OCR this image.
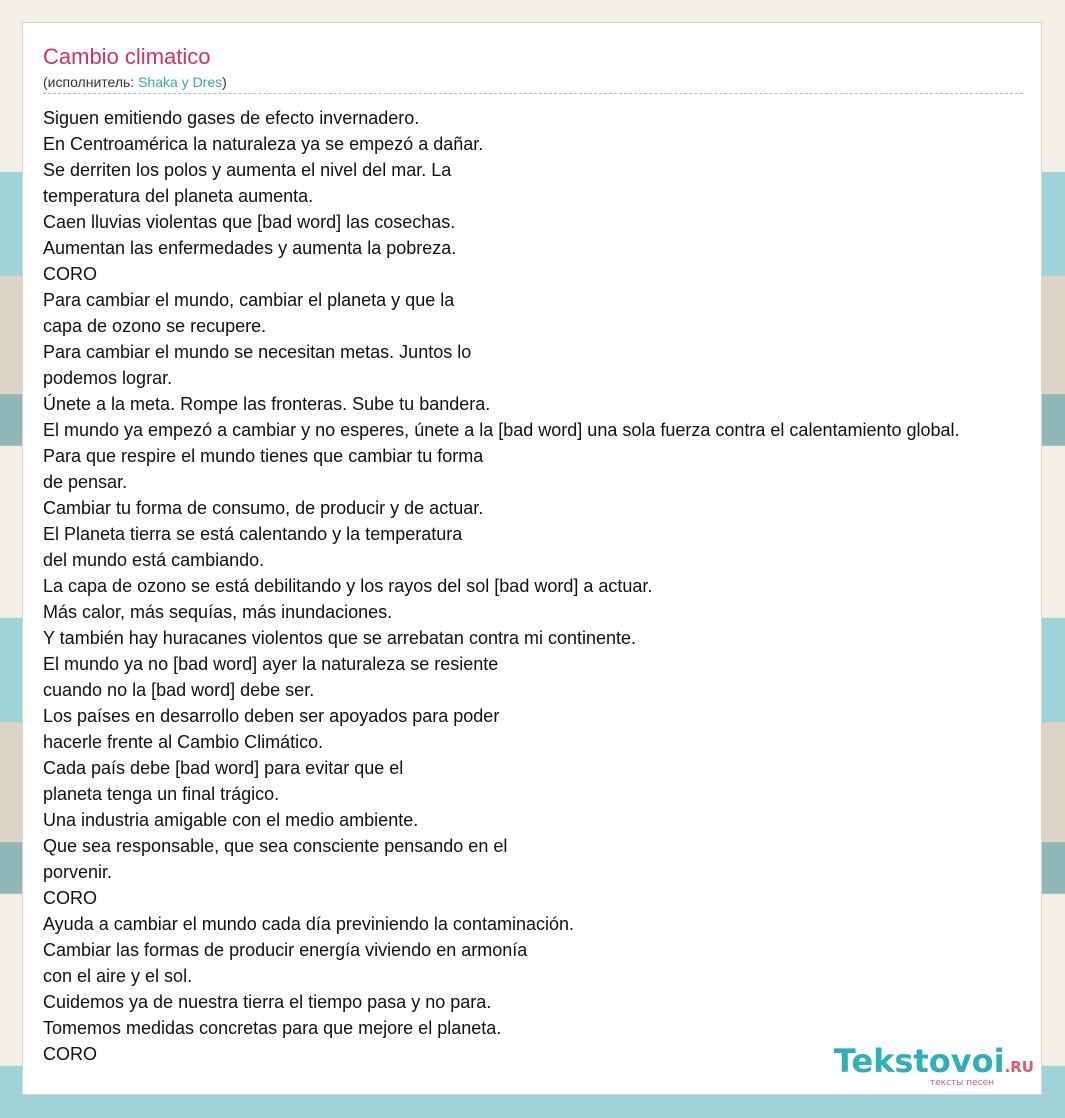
Cambio climatico
(исполнитель: Shaka y Dres)
Siguen emitiendo gases de efecto invernadero.
En Centroamérica la naturaleza ya se empezó a dañar.
Se derriten los polos y aumenta el nivel del mar. La
temperatura del planeta aumenta.
Caen lluvias violentas que [bad word] las cosechas.
Aumentan las enfermedades y aumenta la pobreza.
CORO
Para cambiar el mundo, cambiar el planeta y que la
capa de ozono se recupere.
Para cambiar el mundo se necesitan metas. Juntos lo
podemos lograr.
Únete a la meta. Rompe las fronteras. Sube tu bandera.
El mundo ya empezó a cambiar y no esperes, únete a la [bad word] una sola fuerza contra el calentamiento global.
Para que respire el mundo tienes que cambiar tu forma
de pensar.
Cambiar tu forma de consumo, de producir y de actuar.
El Planeta tierra se está calentando y la temperatura
del mundo está cambiando.
La capa de ozono se está debilitando y los rayos del sol [bad word] a actuar.
Más calor, más sequías, más inundaciones.
Y también hay huracanes violentos que se arrebatan contra mi continente.
El mundo ya no [bad word] ayer la naturaleza se resiente
cuando no la [bad word] debe ser.
Los países en desarrollo deben ser apoyados para poder
hacerle frente al Cambio Climático.
Cada país debe [bad word] para evitar que el
planeta tenga un final trágico.
Una industria amigable con el medio ambiente.
Que sea responsable, que sea consciente pensando en el
porvenir.
CORO
Ayuda a cambiar el mundo cada día previniendo la contaminación.
Cambiar las formas de producir energía viviendo en armonía
con el aire y el sol.
Cuidemos ya de nuestra tierra el tiempo pasa y no para.
Tomemos medidas concretas para que mejore el planeta.
CORO	Tekstovoi.RU
тексты песен
